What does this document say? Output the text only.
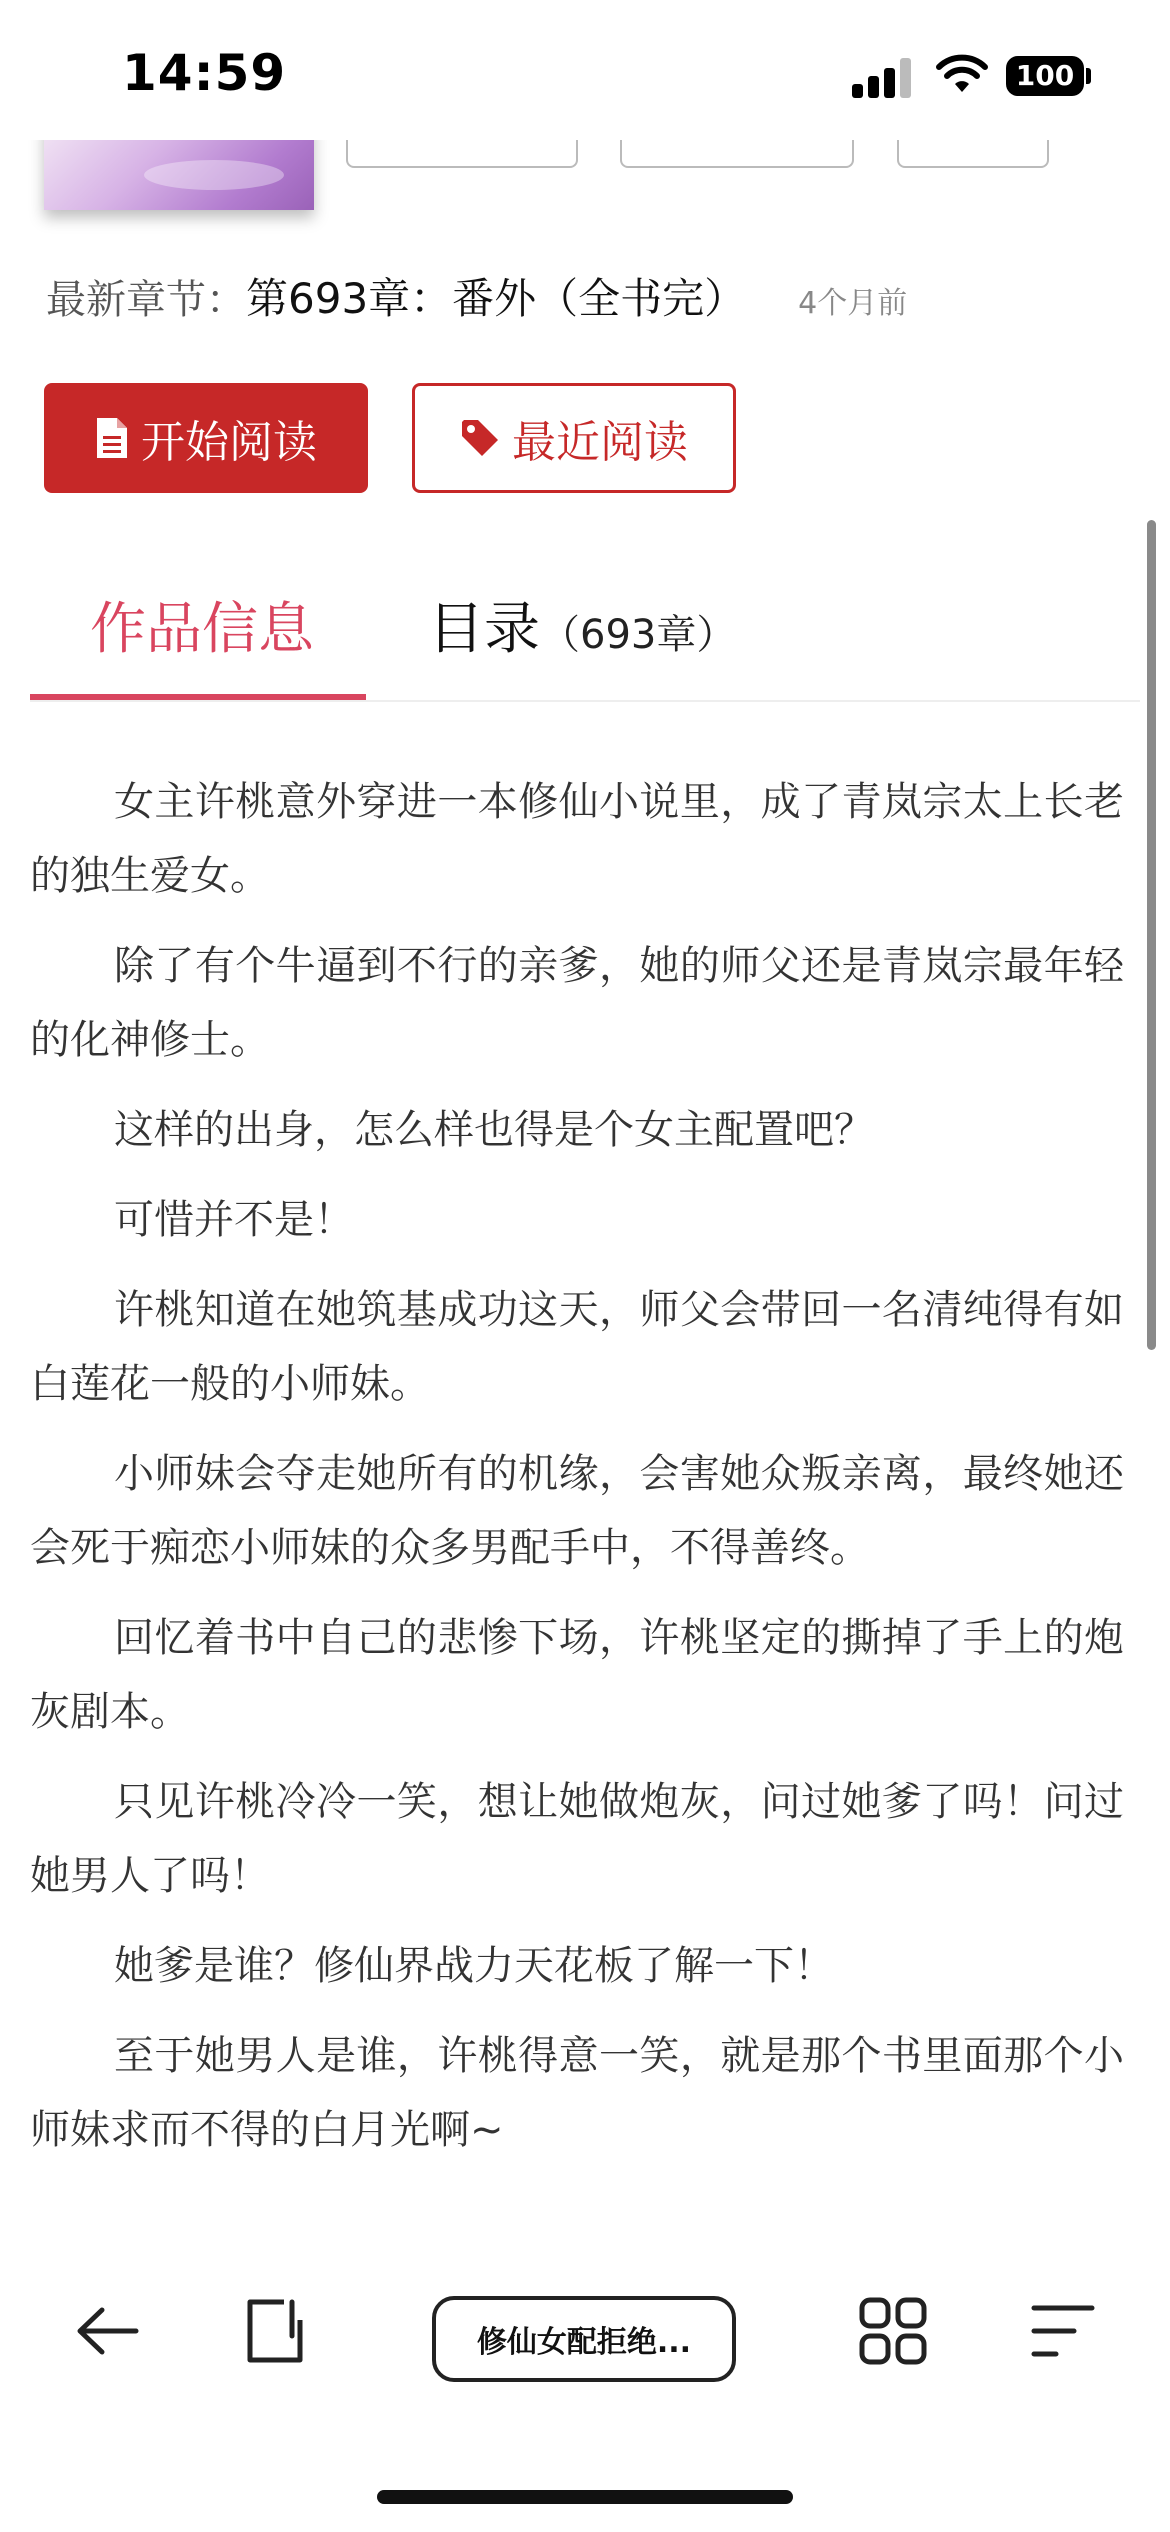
14:59	100
最新章节：第693章：番外（全书完） 4个月前
开始阅读	最近阅读
作品信息 目录（693章）

女主许桃意外穿进一本修仙小说里，成了青岚宗太上长老的独生爱女。

除了有个牛逼到不行的亲爹，她的师父还是青岚宗最年轻的化神修士。

这样的出身，怎么样也得是个女主配置吧？

可惜并不是！

许桃知道在她筑基成功这天，师父会带回一名清纯得有如白莲花一般的小师妹。

小师妹会夺走她所有的机缘，会害她众叛亲离，最终她还会死于痴恋小师妹的众多男配手中，不得善终。

回忆着书中自己的悲惨下场，许桃坚定的撕掉了手上的炮灰剧本。

只见许桃冷冷一笑，想让她做炮灰，问过她爹了吗！问过她男人了吗！

她爹是谁？修仙界战力天花板了解一下！

至于她男人是谁，许桃得意一笑，就是那个书里面那个小师妹求而不得的白月光啊~

修仙女配拒绝...
